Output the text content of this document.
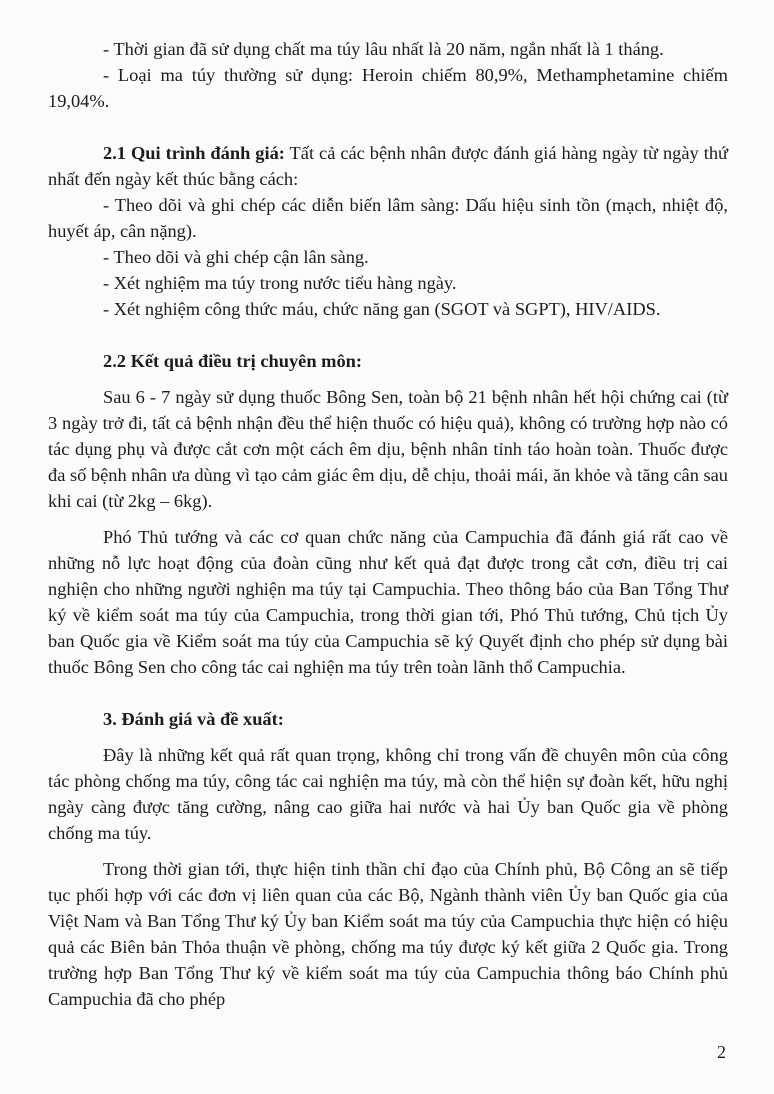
- Thời gian đã sử dụng chất ma túy lâu nhất là 20 năm, ngắn nhất là 1 tháng.

- Loại ma túy thường sử dụng: Heroin chiếm 80,9%, Methamphetamine chiếm 19,04%.

2.1 Qui trình đánh giá: Tất cả các bệnh nhân được đánh giá hàng ngày từ ngày thứ nhất đến ngày kết thúc bằng cách:

- Theo dõi và ghi chép các diễn biến lâm sàng: Dấu hiệu sinh tồn (mạch, nhiệt độ, huyết áp, cân nặng).

- Theo dõi và ghi chép cận lân sàng.

- Xét nghiệm ma túy trong nước tiểu hàng ngày.

- Xét nghiệm công thức máu, chức năng gan (SGOT và SGPT), HIV/AIDS.

2.2 Kết quả điều trị chuyên môn:

Sau 6 - 7 ngày sử dụng thuốc Bông Sen, toàn bộ 21 bệnh nhân hết hội chứng cai (từ 3 ngày trở đi, tất cả bệnh nhận đều thể hiện thuốc có hiệu quả), không có trường hợp nào có tác dụng phụ và được cắt cơn một cách êm dịu, bệnh nhân tỉnh táo hoàn toàn. Thuốc được đa số bệnh nhân ưa dùng vì tạo cảm giác êm dịu, dễ chịu, thoải mái, ăn khỏe và tăng cân sau khi cai (từ 2kg – 6kg).

Phó Thủ tướng và các cơ quan chức năng của Campuchia đã đánh giá rất cao về những nỗ lực hoạt động của đoàn cũng như kết quả đạt được trong cắt cơn, điều trị cai nghiện cho những người nghiện ma túy tại Campuchia. Theo thông báo của Ban Tổng Thư ký về kiểm soát ma túy của Campuchia, trong thời gian tới, Phó Thủ tướng, Chủ tịch Ủy ban Quốc gia về Kiểm soát ma túy của Campuchia sẽ ký Quyết định cho phép sử dụng bài thuốc Bông Sen cho công tác cai nghiện ma túy trên toàn lãnh thổ Campuchia.

3. Đánh giá và đề xuất:

Đây là những kết quả rất quan trọng, không chỉ trong vấn đề chuyên môn của công tác phòng chống ma túy, công tác cai nghiện ma túy, mà còn thể hiện sự đoàn kết, hữu nghị ngày càng được tăng cường, nâng cao giữa hai nước và hai Ủy ban Quốc gia về phòng chống ma túy.

Trong thời gian tới, thực hiện tinh thần chỉ đạo của Chính phủ, Bộ Công an sẽ tiếp tục phối hợp với các đơn vị liên quan của các Bộ, Ngành thành viên Ủy ban Quốc gia của Việt Nam và Ban Tổng Thư ký Ủy ban Kiểm soát ma túy của Campuchia thực hiện có hiệu quả các Biên bản Thỏa thuận về phòng, chống ma túy được ký kết giữa 2 Quốc gia. Trong trường hợp Ban Tổng Thư ký về kiểm soát ma túy của Campuchia thông báo Chính phủ Campuchia đã cho phép

2
